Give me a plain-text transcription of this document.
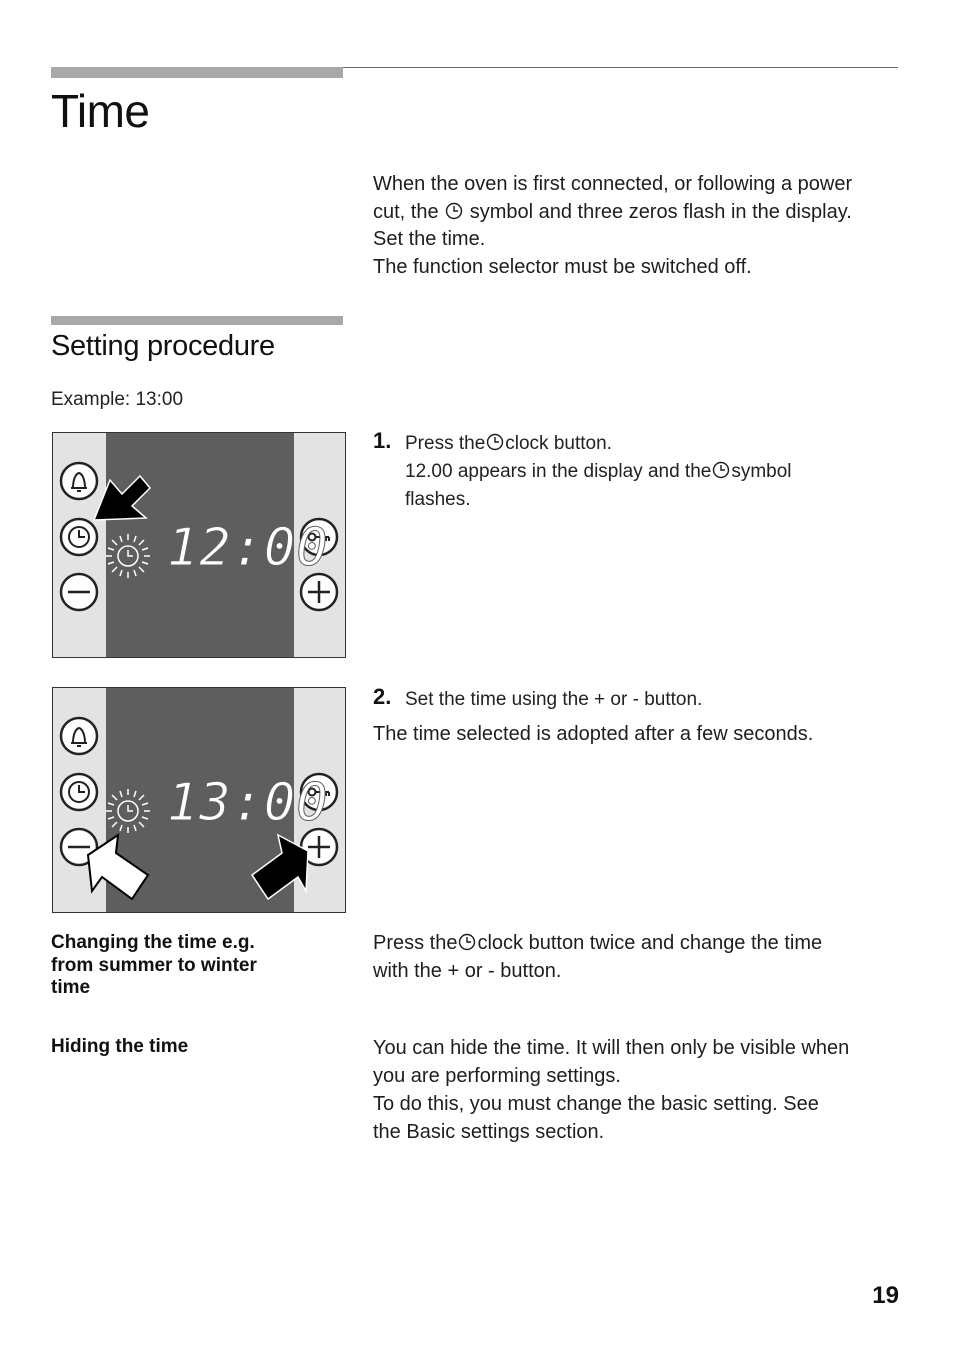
Time
When the oven is first connected, or following a power
cut, the  symbol and three zeros flash in the display.
Set the time.
The function selector must be switched off.
Setting procedure
Example: 13:00
1. Press the clock button.
12.00 appears in the display and the symbol
flashes.
2. Set the time using the + or - button.
The time selected is adopted after a few seconds.
12:00
13:00
Changing the time e.g.
from summer to winter
time
Press the clock button twice and change the time
with the + or - button.
Hiding the time	You can hide the time. It will then only be visible when
you are performing settings.
To do this, you must change the basic setting. See
the Basic settings section.
19
